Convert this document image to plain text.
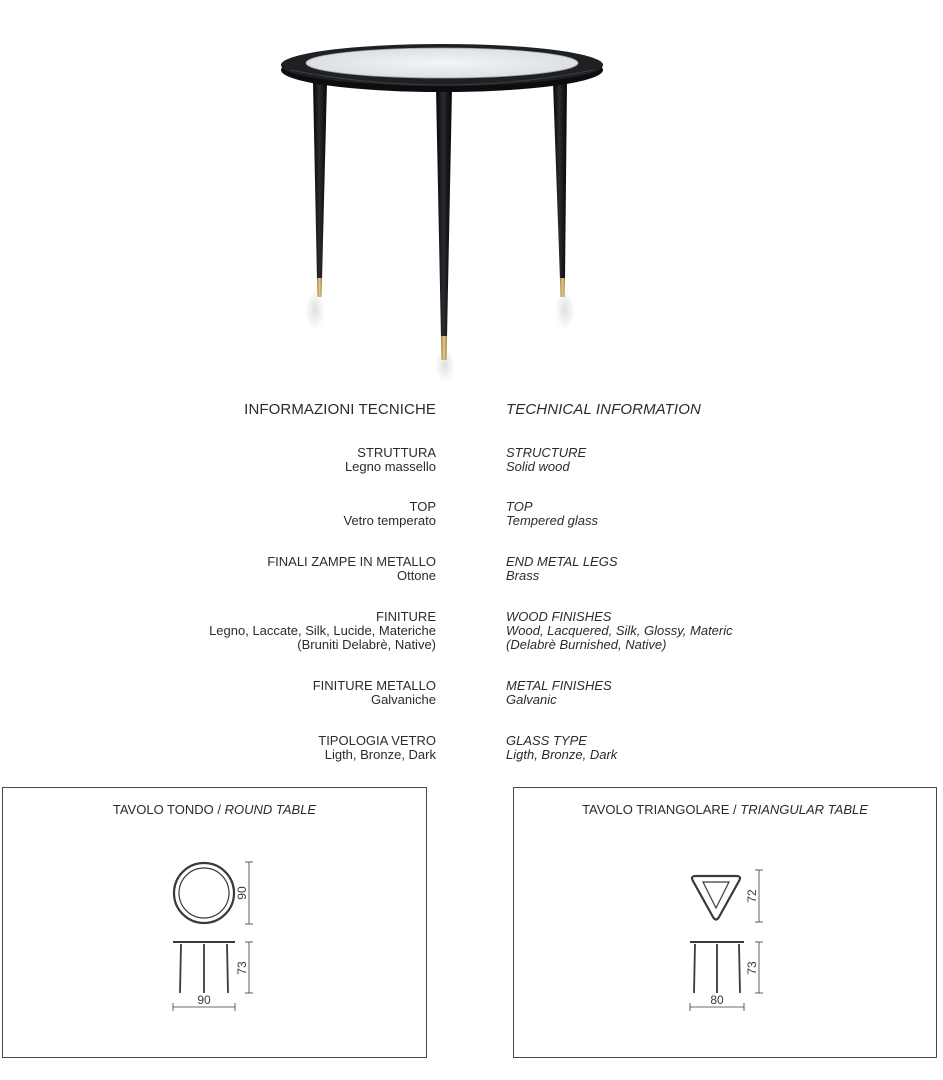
INFORMAZIONI TECNICHE	TECHNICAL INFORMATION
STRUTTURA
Legno massello
STRUCTURE
Solid wood
TOP
Vetro temperato
TOP
Tempered glass
FINALI ZAMPE IN METALLO
Ottone
END METAL LEGS
Brass
FINITURE
Legno, Laccate, Silk, Lucide, Materiche
(Bruniti Delabrè, Native)
WOOD FINISHES
Wood, Lacquered, Silk, Glossy, Materic
(Delabrè Burnished, Native)
FINITURE METALLO
Galvaniche
METAL FINISHES
Galvanic
TIPOLOGIA VETRO
Ligth, Bronze, Dark
GLASS TYPE
Ligth, Bronze, Dark
TAVOLO TONDO / ROUND TABLE
90
73
90
TAVOLO TRIANGOLARE / TRIANGULAR TABLE
72
73
80
